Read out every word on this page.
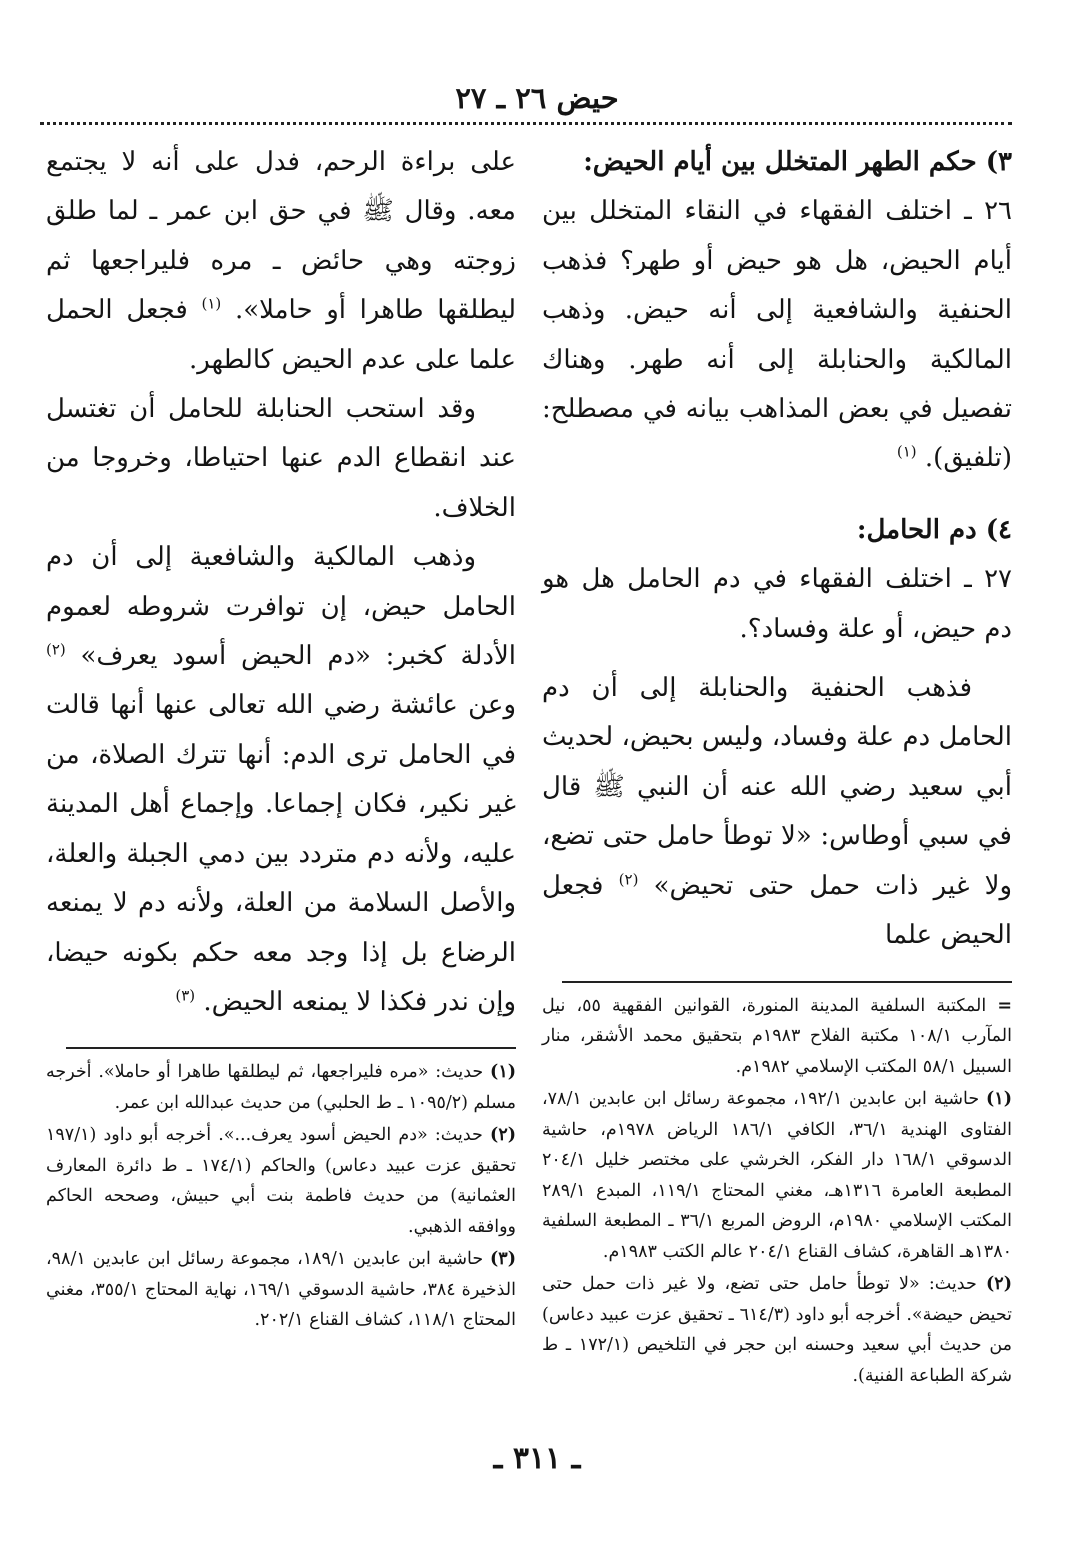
حيض ٢٦ ـ ٢٧

٣) حكم الطهر المتخلل بين أيام الحيض:

٢٦ ـ اختلف الفقهاء في النقاء المتخلل بين أيام الحيض، هل هو حيض أو طهر؟ فذهب الحنفية والشافعية إلى أنه حيض. وذهب المالكية والحنابلة إلى أنه طهر. وهناك تفصيل في بعض المذاهب بيانه في مصطلح: (تلفيق). $^{(١)}$

٤) دم الحامل:

٢٧ ـ اختلف الفقهاء في دم الحامل هل هو دم حيض، أو علة وفساد؟.

فذهب الحنفية والحنابلة إلى أن دم الحامل دم علة وفساد، وليس بحيض، لحديث أبي سعيد رضي الله عنه أن النبي ﷺ قال في سبي أوطاس: «لا توطأ حامل حتى تضع، ولا غير ذات حمل حتى تحيض» $^{(٢)}$ فجعل الحيض علما

= المكتبة السلفية المدينة المنورة، القوانين الفقهية ٥٥، نيل المآرب ١٠٨/١ مكتبة الفلاح ١٩٨٣م بتحقيق محمد الأشقر، منار السبيل ٥٨/١ المكتب الإسلامي ١٩٨٢م.

(١) حاشية ابن عابدين ١٩٢/١، مجموعة رسائل ابن عابدين ٧٨/١، الفتاوى الهندية ٣٦/١، الكافي ١٨٦/١ الرياض ١٩٧٨م، حاشية الدسوقي ١٦٨/١ دار الفكر، الخرشي على مختصر خليل ٢٠٤/١ المطبعة العامرة ١٣١٦هـ، مغني المحتاج ١١٩/١، المبدع ٢٨٩/١ المكتب الإسلامي ١٩٨٠م، الروض المربع ٣٦/١ ـ المطبعة السلفية ١٣٨٠هـ القاهرة، كشاف القناع ٢٠٤/١ عالم الكتب ١٩٨٣م.

(٢) حديث: «لا توطأ حامل حتى تضع، ولا غير ذات حمل حتى تحيض حيضة». أخرجه أبو داود (٦١٤/٣ ـ تحقيق عزت عبيد دعاس) من حديث أبي سعيد وحسنه ابن حجر في التلخيص (١٧٢/١ ـ ط شركة الطباعة الفنية).

على براءة الرحم، فدل على أنه لا يجتمع معه. وقال ﷺ في حق ابن عمر ـ لما طلق زوجته وهي حائض ـ مره فليراجعها ثم ليطلقها طاهرا أو حاملا». $^{(١)}$ فجعل الحمل علما على عدم الحيض كالطهر.

وقد استحب الحنابلة للحامل أن تغتسل عند انقطاع الدم عنها احتياطا، وخروجا من الخلاف.

وذهب المالكية والشافعية إلى أن دم الحامل حيض، إن توافرت شروطه لعموم الأدلة كخبر: «دم الحيض أسود يعرف» $^{(٢)}$ وعن عائشة رضي الله تعالى عنها أنها قالت في الحامل ترى الدم: أنها تترك الصلاة، من غير نكير، فكان إجماعا. وإجماع أهل المدينة عليه، ولأنه دم متردد بين دمي الجبلة والعلة، والأصل السلامة من العلة، ولأنه دم لا يمنعه الرضاع بل إذا وجد معه حكم بكونه حيضا، وإن ندر فكذا لا يمنعه الحيض. $^{(٣)}$

(١) حديث: «مره فليراجعها، ثم ليطلقها طاهرا أو حاملا». أخرجه مسلم (١٠٩٥/٢ ـ ط الحلبي) من حديث عبدالله ابن عمر.

(٢) حديث: «دم الحيض أسود يعرف...». أخرجه أبو داود (١٩٧/١ تحقيق عزت عبيد دعاس) والحاكم (١٧٤/١ ـ ط دائرة المعارف العثمانية) من حديث فاطمة بنت أبي حبيش، وصححه الحاكم ووافقه الذهبي.

(٣) حاشية ابن عابدين ١٨٩/١، مجموعة رسائل ابن عابدين ٩٨/١، الذخيرة ٣٨٤، حاشية الدسوقي ١٦٩/١، نهاية المحتاج ٣٥٥/١، مغني المحتاج ١١٨/١، كشاف القناع ٢٠٢/١.

ـ ٣١١ ـ
